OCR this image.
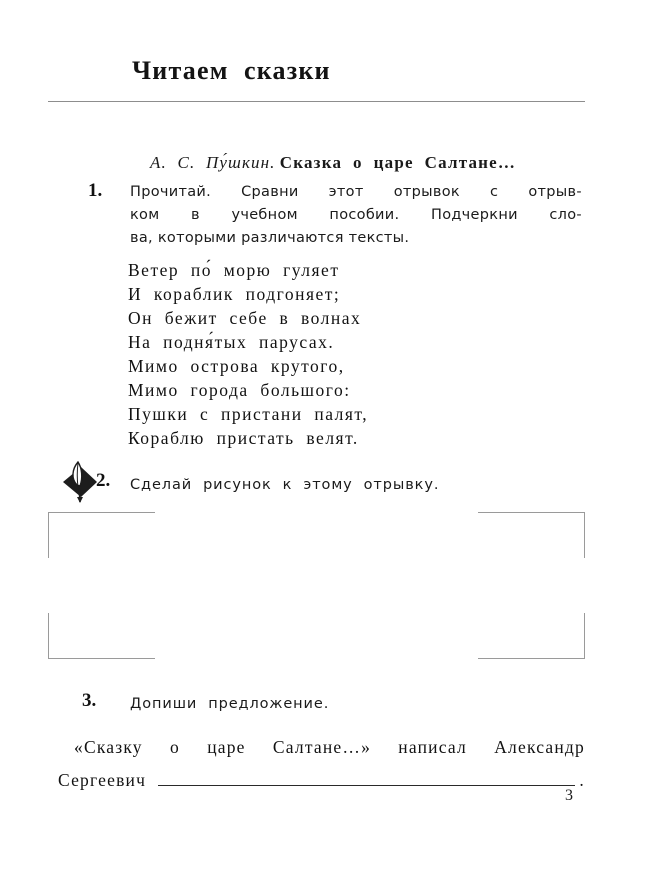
Читаем  сказки

А.  С.  Пу́шкин. Сказка  о  царе  Салтане…

1. Прочитай. Сравни этот отрывок с отрыв-
ком в учебном пособии. Подчеркни сло-
ва, которыми различаются тексты.
Ветер  по́  морю  гуляет
И  кораблик  подгоняет;
Он  бежит  себе  в  волнах
На  подня́тых  парусах.
Мимо  острова  крутого,
Мимо  города  большого:
Пушки  с  пристани  палят,
Кораблю  пристать  велят.
2. Сделай  рисунок  к  этому  отрывку.
3. Допиши  предложение.
«Сказку о царе Салтане…» написал Александр
Сергеевич	.
3
